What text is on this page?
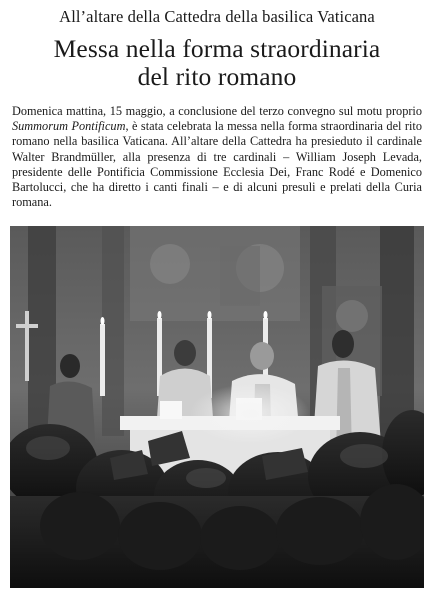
All’altare della Cattedra della basilica Vaticana
Messa nella forma straordinaria
del rito romano

Domenica mattina, 15 maggio, a conclusione del terzo convegno sul motu proprio Summorum Pontificum, è stata celebrata la messa nella forma straordinaria del rito romano nella basilica Vaticana. All’altare della Cattedra ha presieduto il cardinale Walter Brandmüller, alla presenza di tre cardinali – William Joseph Levada, presidente delle Pontificia Commissione Ecclesia Dei, Franc Rodé e Domenico Bartolucci, che ha diretto i canti finali – e di alcuni presuli e prelati della Curia romana.
